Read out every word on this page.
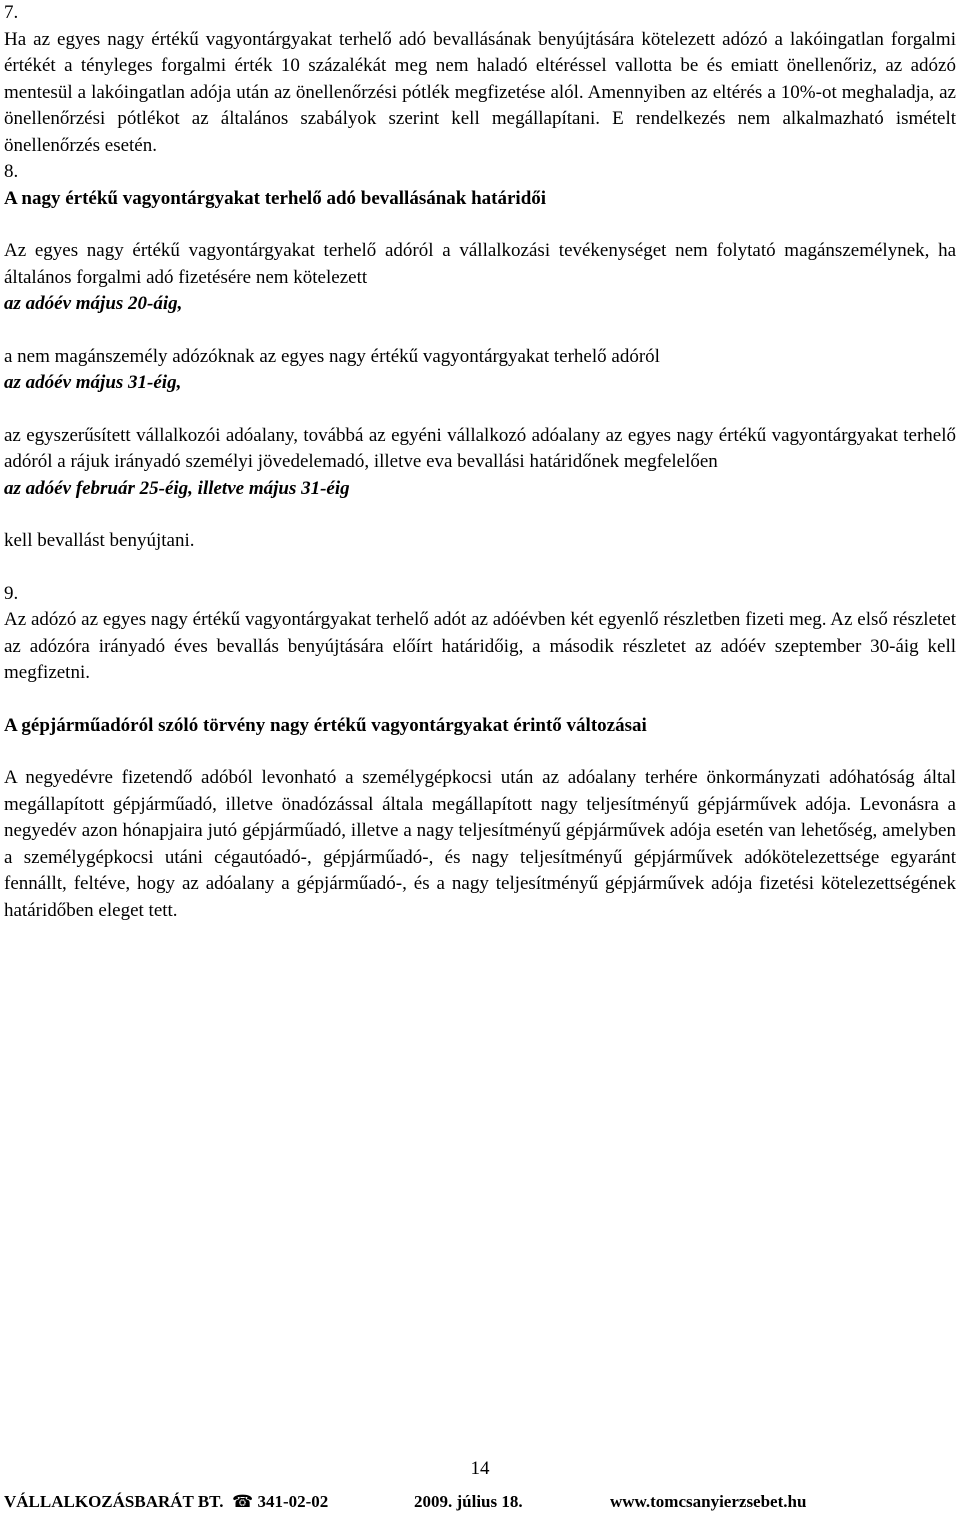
7.

Ha az egyes nagy értékű vagyontárgyakat terhelő adó bevallásának benyújtására kötelezett adózó a lakóingatlan forgalmi értékét a tényleges forgalmi érték 10 százalékát meg nem haladó eltéréssel vallotta be és emiatt önellenőriz, az adózó mentesül a lakóingatlan adója után az önellenőrzési pótlék megfizetése alól. Amennyiben az eltérés a 10%-ot meghaladja, az önellenőrzési pótlékot az általános szabályok szerint kell megállapítani. E rendelkezés nem alkalmazható ismételt önellenőrzés esetén.

8.
A nagy értékű vagyontárgyakat terhelő adó bevallásának határidői

Az egyes nagy értékű vagyontárgyakat terhelő adóról a vállalkozási tevékenységet nem folytató magánszemélynek, ha általános forgalmi adó fizetésére nem kötelezett

az adóév május 20-áig,

a nem magánszemély adózóknak az egyes nagy értékű vagyontárgyakat terhelő adóról

az adóév május 31-éig,

az egyszerűsített vállalkozói adóalany, továbbá az egyéni vállalkozó adóalany az egyes nagy értékű vagyontárgyakat terhelő adóról a rájuk irányadó személyi jövedelemadó, illetve eva bevallási határidőnek megfelelően

az adóév február 25-éig, illetve május 31-éig

kell bevallást benyújtani.

9.

Az adózó az egyes nagy értékű vagyontárgyakat terhelő adót az adóévben két egyenlő részletben fizeti meg. Az első részletet az adózóra irányadó éves bevallás benyújtására előírt határidőig, a második részletet az adóév szeptember 30-áig kell megfizetni.

A gépjárműadóról szóló törvény nagy értékű vagyontárgyakat érintő változásai

A negyedévre fizetendő adóból levonható a személygépkocsi után az adóalany terhére önkormányzati adóhatóság által megállapított gépjárműadó, illetve önadózással általa megállapított nagy teljesítményű gépjárművek adója. Levonásra a negyedév azon hónapjaira jutó gépjárműadó, illetve a nagy teljesítményű gépjárművek adója esetén van lehetőség, amelyben a személygépkocsi utáni cégautóadó-, gépjárműadó-, és nagy teljesítményű gépjárművek adókötelezettsége egyaránt fennállt, feltéve, hogy az adóalany a gépjárműadó-, és a nagy teljesítményű gépjárművek adója fizetési kötelezettségének határidőben eleget tett.

14
VÁLLALKOZÁSBARÁT BT. ☎ 341-02-02	2009. július 18.	www.tomcsanyierzsebet.hu
